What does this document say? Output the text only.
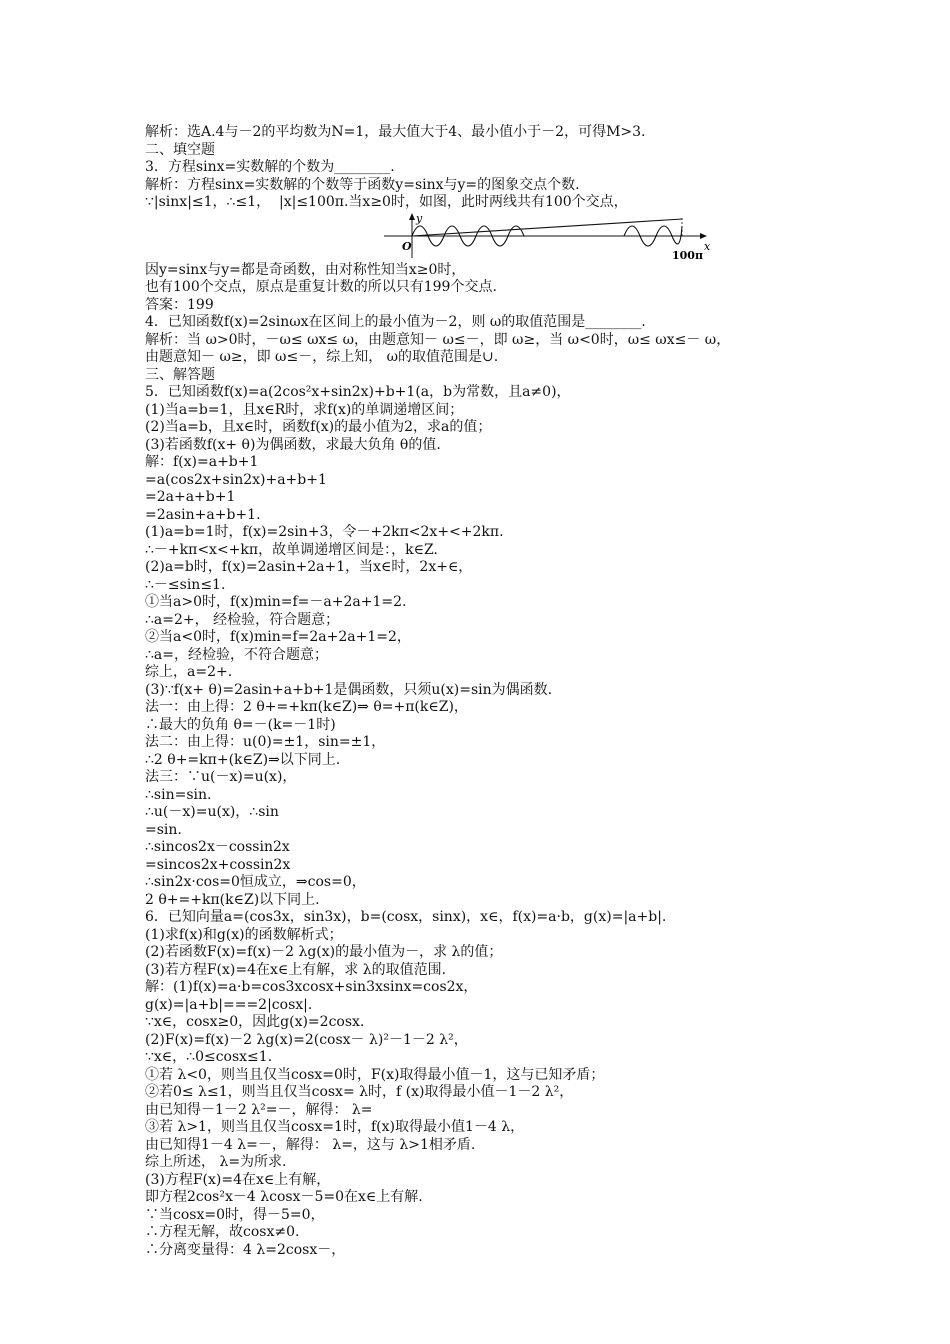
解析：选A.4与－2的平均数为N=1，最大值大于4、最小值小于－2，可得M>3.
二、填空题
3．方程sinx=实数解的个数为________.
解析：方程sinx=实数解的个数等于函数y=sinx与y=的图象交点个数.
∵|sinx|≤1，∴≤1，  |x|≤100π.当x≥0时，如图，此时两线共有100个交点，
y
O	x
100π
因y=sinx与y=都是奇函数，由对称性知当x≥0时，
也有100个交点，原点是重复计数的所以只有199个交点.
答案：199
4．已知函数f(x)=2sinωx在区间上的最小值为－2，则 ω的取值范围是________.
解析：当 ω>0时，－ω≤ ωx≤ ω，由题意知－ ω≤－，即 ω≥，当 ω<0时，ω≤ ωx≤－ ω，
由题意知－ ω≥，即 ω≤－，综上知， ω的取值范围是∪.
三、解答题
5．已知函数f(x)=a(2cos²x+sin2x)+b+1(a，b为常数，且a≠0)，
(1)当a=b=1，且x∈R时，求f(x)的单调递增区间；
(2)当a=b，且x∈时，函数f(x)的最小值为2，求a的值；
(3)若函数f(x+ θ)为偶函数，求最大负角 θ的值.
解：f(x)=a+b+1
=a(cos2x+sin2x)+a+b+1
=2a+a+b+1
=2asin+a+b+1.
(1)a=b=1时，f(x)=2sin+3，令－+2kπ<2x+<+2kπ.
∴－+kπ<x<+kπ，故单调递增区间是：，k∈Z.
(2)a=b时，f(x)=2asin+2a+1，当x∈时，2x+∈，
∴－≤sin≤1.
①当a>0时，f(x)min=f=－a+2a+1=2.
∴a=2+， 经检验，符合题意；
②当a<0时，f(x)min=f=2a+2a+1=2，
∴a=，经检验，不符合题意；
综上，a=2+.
(3)∵f(x+ θ)=2asin+a+b+1是偶函数，只须u(x)=sin为偶函数.
法一：由上得：2 θ+=+kπ(k∈Z)⇒ θ=+π(k∈Z)，
∴最大的负角 θ=－(k=－1时)
法二：由上得：u(0)=±1，sin=±1，
∴2 θ+=kπ+(k∈Z)⇒以下同上.
法三：∵u(－x)=u(x)，
∴sin=sin.
∴u(－x)=u(x)，∴sin
=sin.
∴sincos2x－cossin2x
=sincos2x+cossin2x
∴sin2x·cos=0恒成立，⇒cos=0，
2 θ+=+kπ(k∈Z)以下同上.
6．已知向量a=(cos3x，sin3x)，b=(cosx，sinx)，x∈，f(x)=a·b，g(x)=|a+b|.
(1)求f(x)和g(x)的函数解析式；
(2)若函数F(x)=f(x)－2 λg(x)的最小值为－，求 λ的值；
(3)若方程F(x)=4在x∈上有解，求 λ的取值范围.
解：(1)f(x)=a·b=cos3xcosx+sin3xsinx=cos2x，
g(x)=|a+b|===2|cosx|.
∵x∈，cosx≥0，因此g(x)=2cosx.
(2)F(x)=f(x)－2 λg(x)=2(cosx－ λ)²－1－2 λ²，
∵x∈，∴0≤cosx≤1.
①若 λ<0，则当且仅当cosx=0时，F(x)取得最小值－1，这与已知矛盾；
②若0≤ λ≤1，则当且仅当cosx= λ时，f (x)取得最小值－1－2 λ²，
由已知得－1－2 λ²=－，解得： λ=
③若 λ>1，则当且仅当cosx=1时，f(x)取得最小值1－4 λ，
由已知得1－4 λ=－，解得： λ=，这与 λ>1相矛盾.
综上所述， λ=为所求.
(3)方程F(x)=4在x∈上有解，
即方程2cos²x－4 λcosx－5=0在x∈上有解.
∵当cosx=0时，得－5=0，
∴方程无解，故cosx≠0.
∴分离变量得：4 λ=2cosx－，
